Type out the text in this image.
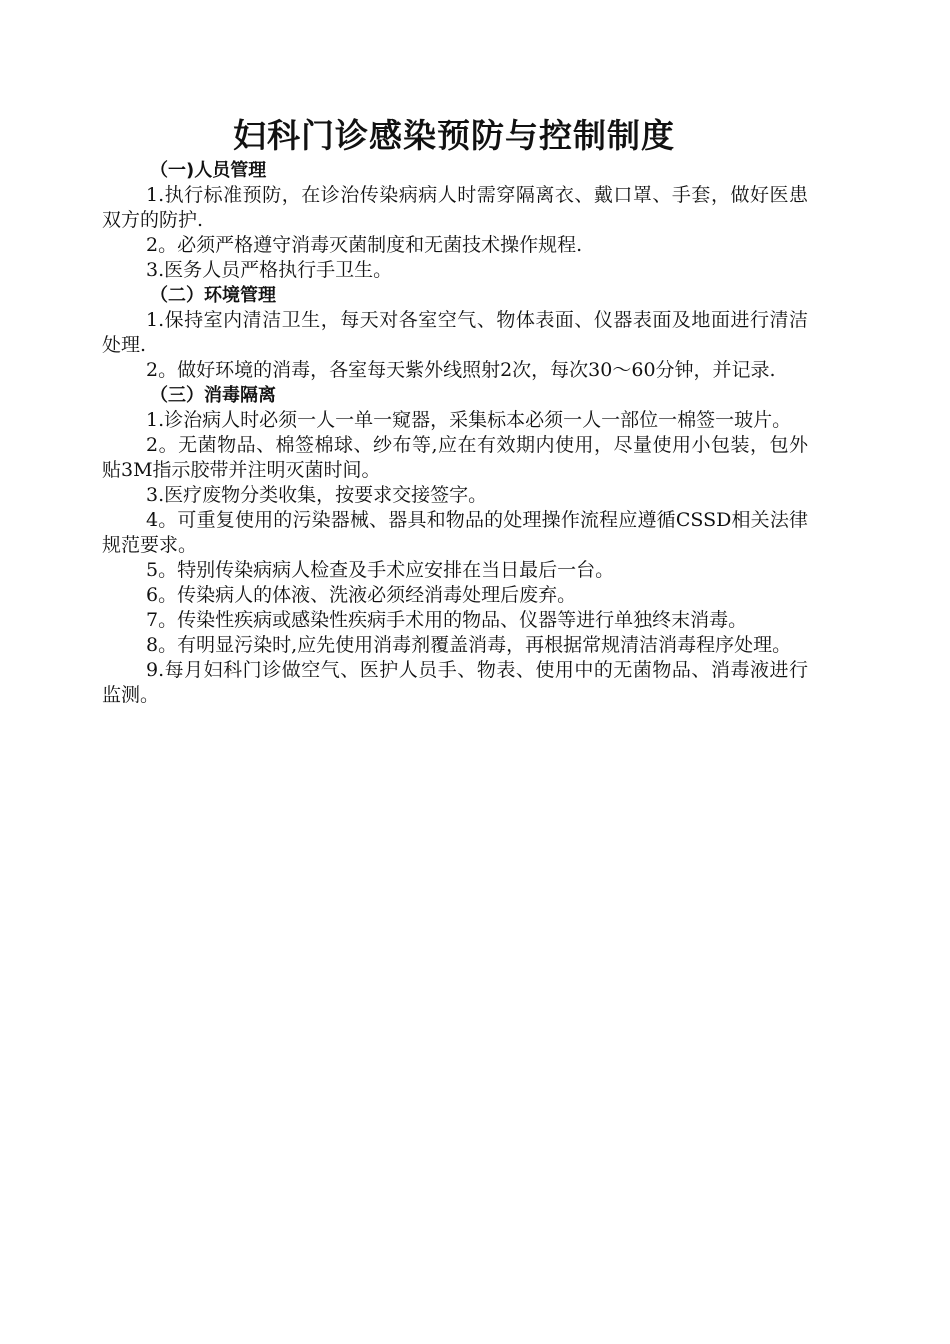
妇科门诊感染预防与控制制度

（一)人员管理

1.执行标准预防，在诊治传染病病人时需穿隔离衣、戴口罩、手套，做好医患双方的防护.

2。必须严格遵守消毒灭菌制度和无菌技术操作规程.

3.医务人员严格执行手卫生。

（二）环境管理

1.保持室内清洁卫生，每天对各室空气、物体表面、仪器表面及地面进行清洁处理.

2。做好环境的消毒，各室每天紫外线照射2次，每次30～60分钟，并记录.

（三）消毒隔离

1.诊治病人时必须一人一单一窥器，采集标本必须一人一部位一棉签一玻片。

2。无菌物品、棉签棉球、纱布等,应在有效期内使用，尽量使用小包装，包外贴3M指示胶带并注明灭菌时间。

3.医疗废物分类收集，按要求交接签字。

4。可重复使用的污染器械、器具和物品的处理操作流程应遵循CSSD相关法律规范要求。

5。特别传染病病人检查及手术应安排在当日最后一台。

6。传染病人的体液、洗液必须经消毒处理后废弃。

7。传染性疾病或感染性疾病手术用的物品、仪器等进行单独终末消毒。

8。有明显污染时,应先使用消毒剂覆盖消毒，再根据常规清洁消毒程序处理。

9.每月妇科门诊做空气、医护人员手、物表、使用中的无菌物品、消毒液进行监测。
